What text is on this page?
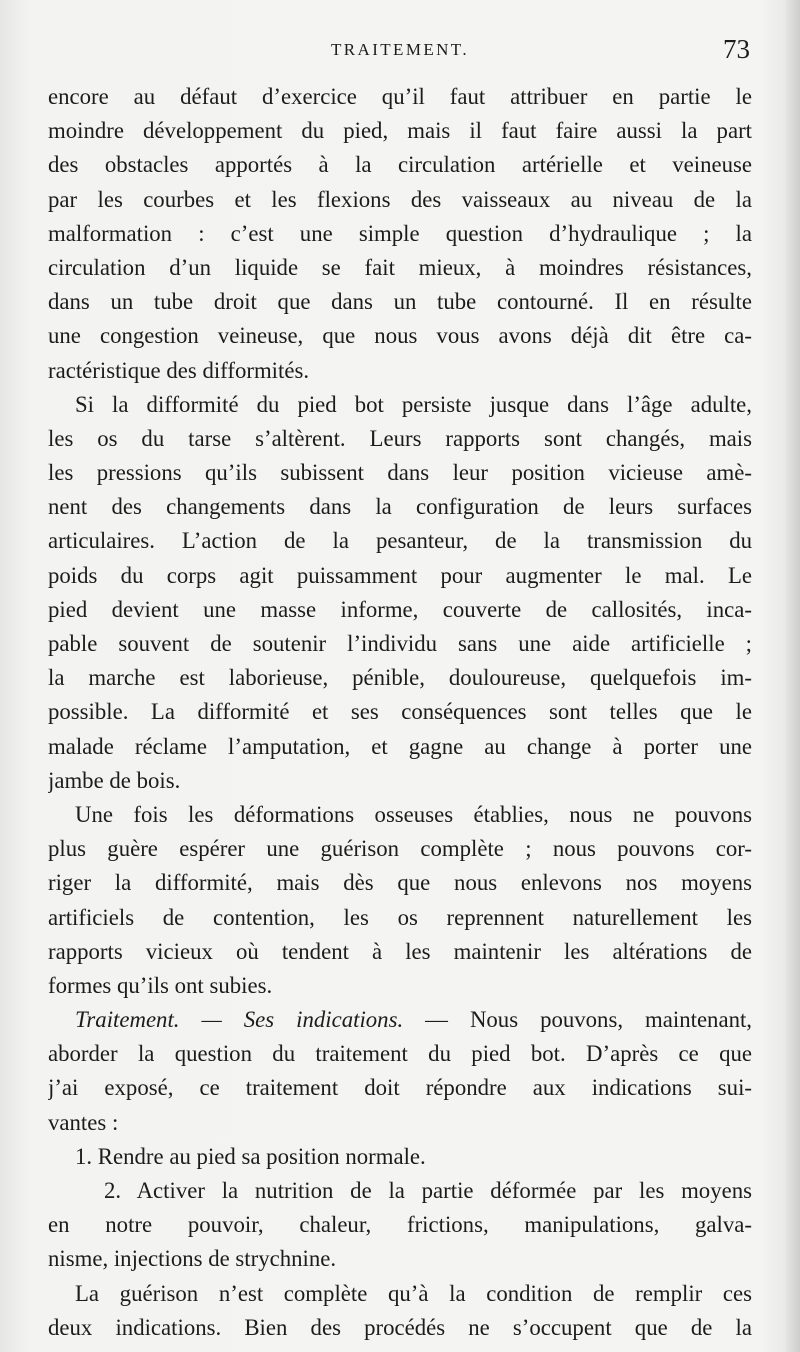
TRAITEMENT.	73
encore au défaut d’exercice qu’il faut attribuer en partie le
moindre développement du pied, mais il faut faire aussi la part
des obstacles apportés à la circulation artérielle et veineuse
par les courbes et les flexions des vaisseaux au niveau de la
malformation : c’est une simple question d’hydraulique ; la
circulation d’un liquide se fait mieux, à moindres résistances,
dans un tube droit que dans un tube contourné. Il en résulte
une congestion veineuse, que nous vous avons déjà dit être ca-
ractéristique des difformités.
Si la difformité du pied bot persiste jusque dans l’âge adulte,
les os du tarse s’altèrent. Leurs rapports sont changés, mais
les pressions qu’ils subissent dans leur position vicieuse amè-
nent des changements dans la configuration de leurs surfaces
articulaires. L’action de la pesanteur, de la transmission du
poids du corps agit puissamment pour augmenter le mal. Le
pied devient une masse informe, couverte de callosités, inca-
pable souvent de soutenir l’individu sans une aide artificielle ;
la marche est laborieuse, pénible, douloureuse, quelquefois im-
possible. La difformité et ses conséquences sont telles que le
malade réclame l’amputation, et gagne au change à porter une
jambe de bois.
Une fois les déformations osseuses établies, nous ne pouvons
plus guère espérer une guérison complète ; nous pouvons cor-
riger la difformité, mais dès que nous enlevons nos moyens
artificiels de contention, les os reprennent naturellement les
rapports vicieux où tendent à les maintenir les altérations de
formes qu’ils ont subies.
Traitement. — Ses indications. — Nous pouvons, maintenant,
aborder la question du traitement du pied bot. D’après ce que
j’ai exposé, ce traitement doit répondre aux indications sui-
vantes :
1. Rendre au pied sa position normale.
2. Activer la nutrition de la partie déformée par les moyens
en notre pouvoir, chaleur, frictions, manipulations, galva-
nisme, injections de strychnine.
La guérison n’est complète qu’à la condition de remplir ces
deux indications. Bien des procédés ne s’occupent que de la
